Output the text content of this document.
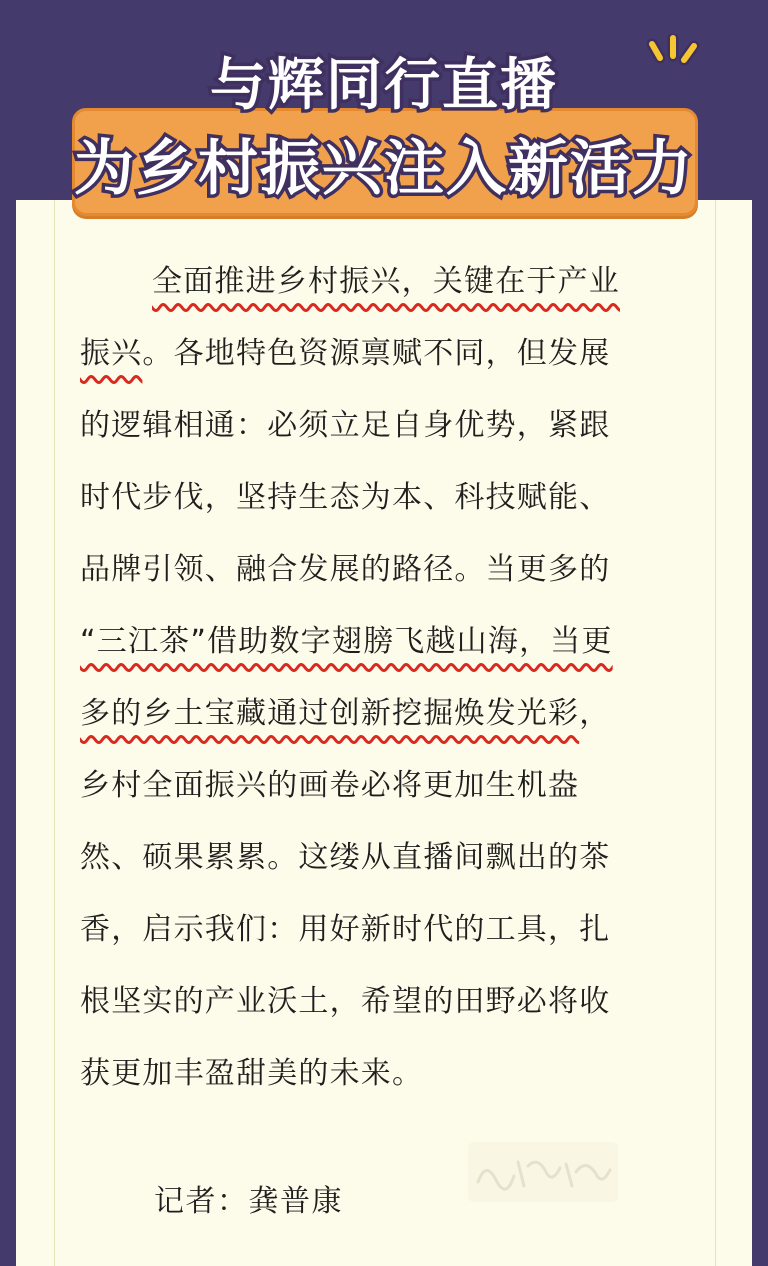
与辉同行直播
为乡村振兴注入新活力
全面推进乡村振兴，关键在于产业
振兴。各地特色资源禀赋不同，但发展
的逻辑相通：必须立足自身优势，紧跟
时代步伐，坚持生态为本、科技赋能、
品牌引领、融合发展的路径。当更多的
“三江茶”借助数字翅膀飞越山海，当更
多的乡土宝藏通过创新挖掘焕发光彩，
乡村全面振兴的画卷必将更加生机盎
然、硕果累累。这缕从直播间飘出的茶
香，启示我们：用好新时代的工具，扎
根坚实的产业沃土，希望的田野必将收
获更加丰盈甜美的未来。
记者：龚普康
